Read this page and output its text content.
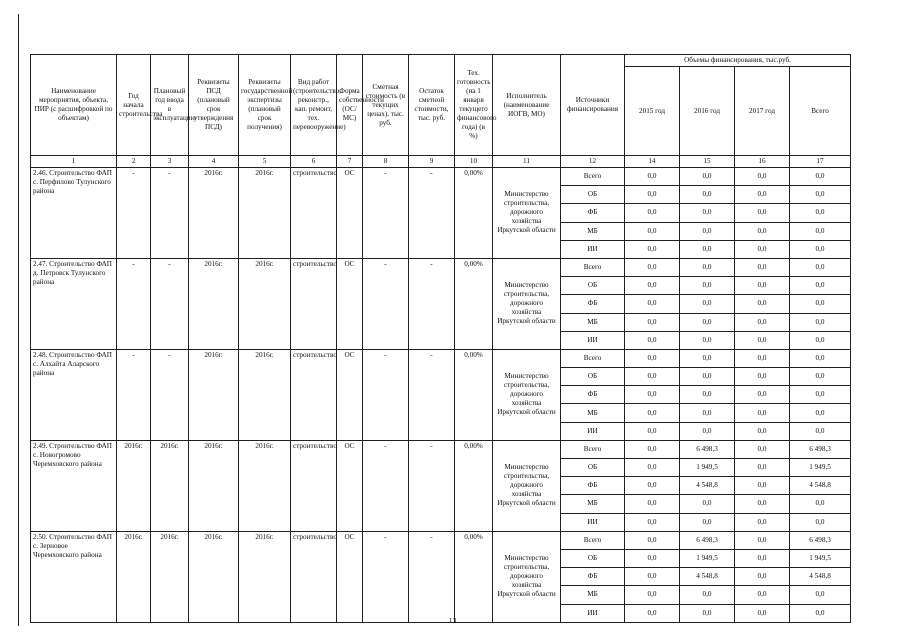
Наименование мероприятия, объекта, ПИР (с расшифровкой по объектам)	Год начала строительства	Плановый год ввода в эксплуатацию	Реквизиты ПСД (плановый срок утверждения ПСД)	Реквизиты государственной экспертизы (плановый срок получения)	Вид работ (строительство, реконстр., кап. ремонт, тех. перевооружение)	Форма собственности (ОС/МС)	Сметная стоимость (в текущих ценах), тыс. руб.	Остаток сметной стоимости, тыс. руб.	Тех. готовность (на 1 января текущего финансового года) (в %)	Исполнитель (наименование ИОГВ, МО)	Источники финансирования	Объемы финансирования, тыс.руб.			
												2015 год	2016 год	2017 год	Всего
1	2	3	4	5	6	7	8	9	10	11	12	14	15	16	17
2.46. Строительство ФАП с. Перфилово Тулунского района	-	-	2016г.	2016г.	строительство	ОС	-	-	0,00%	Министерство строительства, дорожного хозяйства Иркутской области	Всего	0,0	0,0	0,0	0,0
											ОБ	0,0	0,0	0,0	0,0
											ФБ	0,0	0,0	0,0	0,0
											МБ	0,0	0,0	0,0	0,0
											ИИ	0,0	0,0	0,0	0,0
2.47. Строительство ФАП д. Петровск Тулунского района	-	-	2016г.	2016г.	строительство	ОС	-	-	0,00%	Министерство строительства, дорожного хозяйства Иркутской области	Всего	0,0	0,0	0,0	0,0
											ОБ	0,0	0,0	0,0	0,0
											ФБ	0,0	0,0	0,0	0,0
											МБ	0,0	0,0	0,0	0,0
											ИИ	0,0	0,0	0,0	0,0
2.48. Строительство ФАП с. Алхайта Аларского района	-	-	2016г.	2016г.	строительство	ОС	-	-	0,00%	Министерство строительства, дорожного хозяйства Иркутской области	Всего	0,0	0,0	0,0	0,0
											ОБ	0,0	0,0	0,0	0,0
											ФБ	0,0	0,0	0,0	0,0
											МБ	0,0	0,0	0,0	0,0
											ИИ	0,0	0,0	0,0	0,0
2.49. Строительство ФАП с. Новогромово Черемховского района	2016г.	2016г.	2016г.	2016г.	строительство	ОС	-	-	0,00%	Министерство строительства, дорожного хозяйства Иркутской области	Всего	0,0	6 498,3	0,0	6 498,3
											ОБ	0,0	1 949,5	0,0	1 949,5
											ФБ	0,0	4 548,8	0,0	4 548,8
											МБ	0,0	0,0	0,0	0,0
											ИИ	0,0	0,0	0,0	0,0
2.50. Строительство ФАП с. Зерновое Черемховского района	2016г.	2016г.	2016г.	2016г.	строительство	ОС	-	-	0,00%	Министерство строительства, дорожного хозяйства Иркутской области	Всего	0,0	6 498,3	0,0	6 498,3
											ОБ	0,0	1 949,5	0,0	1 949,5
											ФБ	0,0	4 548,8	0,0	4 548,8
											МБ	0,0	0,0	0,0	0,0
											ИИ	0,0	0,0	0,0	0,0
13
